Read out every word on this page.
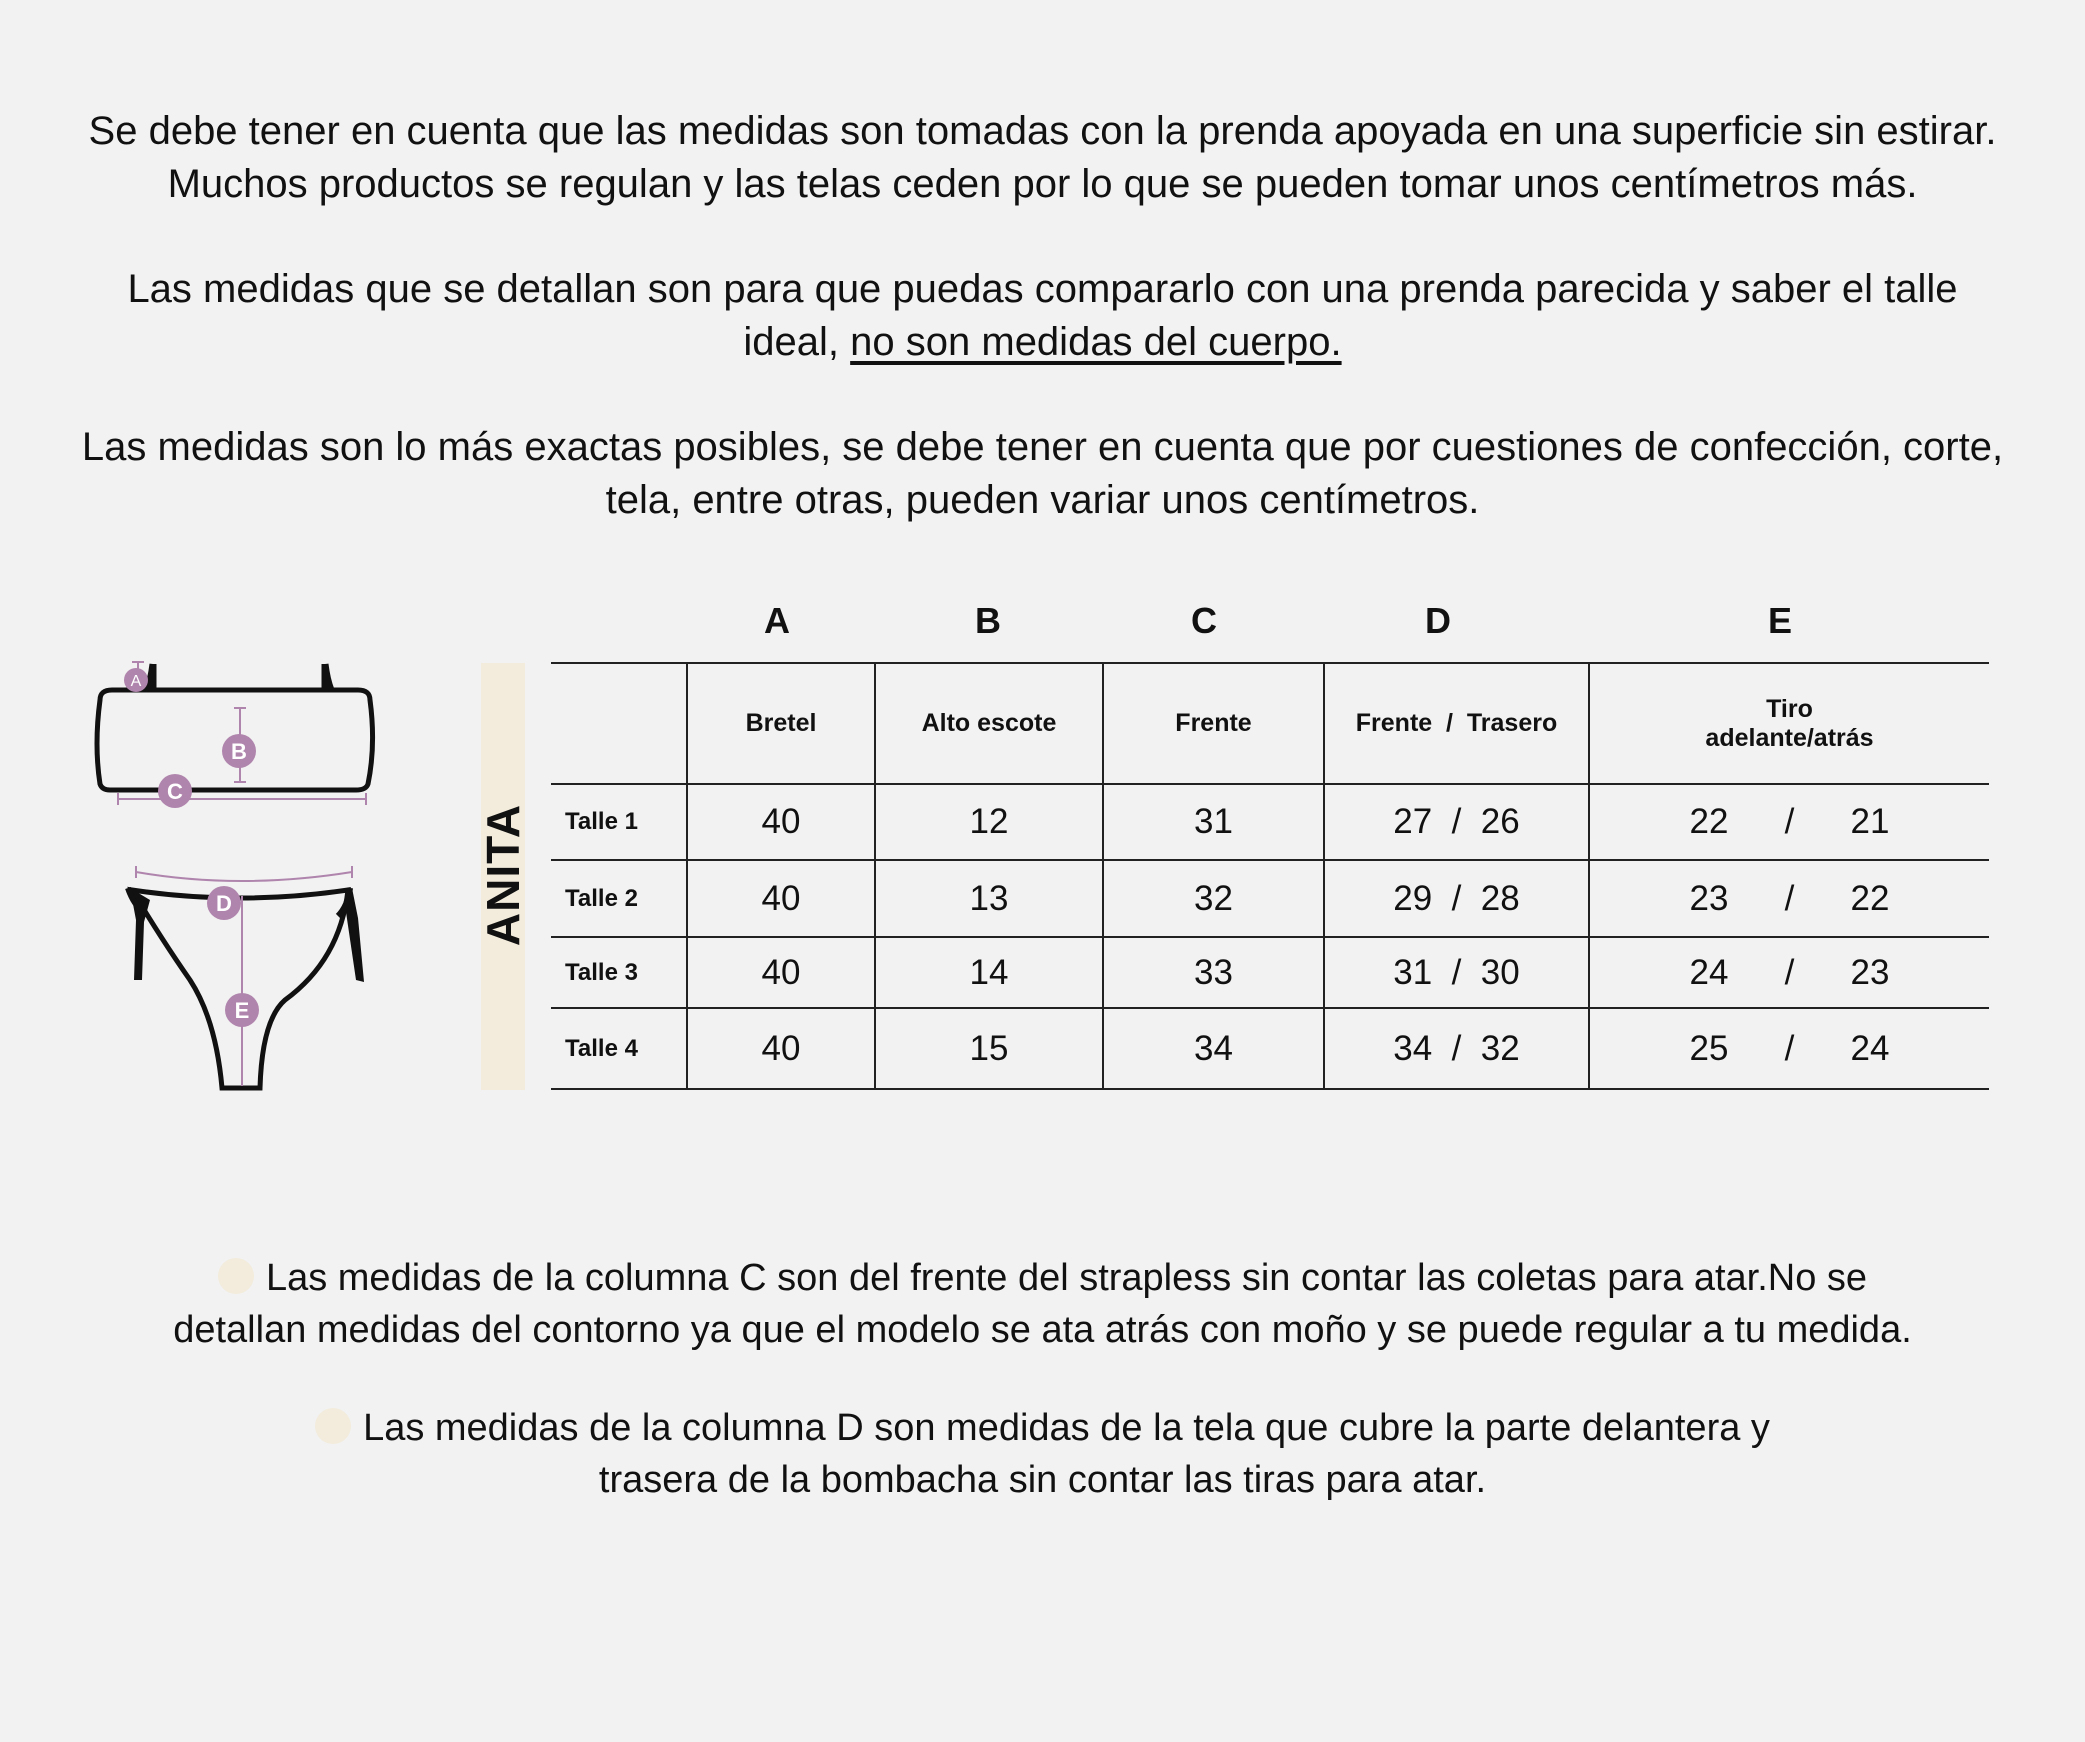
Se debe tener en cuenta que las medidas son tomadas con la prenda apoyada en una superficie sin estirar.
Muchos productos se regulan y las telas ceden por lo que se pueden tomar unos centímetros más.

Las medidas que se detallan son para que puedas compararlo con una prenda parecida y saber el talle
ideal, no son medidas del cuerpo.

Las medidas son lo más exactas posibles, se debe tener en cuenta que por cuestiones de confección, corte,
tela, entre otras, pueden variar unos centímetros.

A
B
C
D
E
ANITA
A	B	C	D	E
	Bretel	Alto escote	Frente	Frente  /  Trasero	Tiro
adelante/atrás
Talle 1	40	12	31	27  /  26	22 / 21

Talle 2	40	13	32	29  /  28	23 / 22

Talle 3	40	14	33	31  /  30	24 / 23

Talle 4	40	15	34	34  /  32	25 / 24
Las medidas de la columna C son del frente del strapless sin contar las coletas para atar.No se
detallan medidas del contorno ya que el modelo se ata atrás con moño y se puede regular a tu medida.
Las medidas de la columna D son medidas de la tela que cubre la parte delantera y
trasera de la bombacha sin contar las tiras para atar.
